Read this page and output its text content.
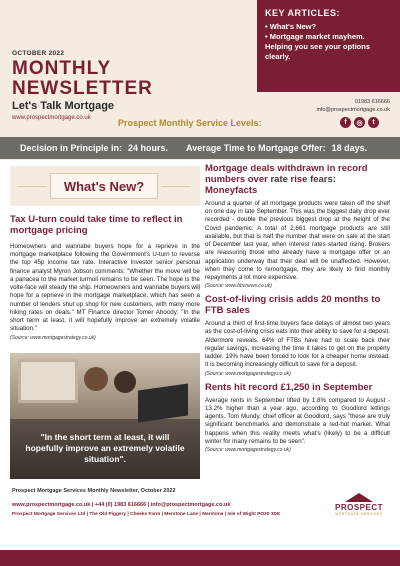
OCTOBER 2022
MONTHLY NEWSLETTER
Let's Talk Mortgage
www.prospectmortgage.co.uk
KEY ARTICLES:
• What's New?
• Mortgage market mayhem. Helping you see your options clearly.
01983 616666
info@prospectmortgage.co.uk
Prospect Monthly Service Levels:	f	◎	t
Decision in Principle in: 24 hours. Average Time to Mortgage Offer: 18 days.
What's New?
Tax U-turn could take time to reflect in mortgage pricing
Homeowners and wannabe buyers hope for a reprieve in the mortgage marketplace following the Government's U-turn to reverse the top 45p income tax rate. Interactive Investor senior personal finance analyst Myron Jobson comments: "Whether the move will be a panacea to the market turmoil remains to be seen. The hope is the volte-face will steady the ship. Homeowners and wannabe buyers will hope for a reprieve in the mortgage marketplace, which has seen a number of lenders shut up shop for new customers, with many more hiking rates on deals." MT Finance director Tomer Aboody: "In the short term at least, it will hopefully improve an extremely volatile situation."
(Source: www.mortgagestrategy.co.uk)
"In the short term at least, it will hopefully improve an extremely volatile situation".
Mortgage deals withdrawn in record numbers over rate rise fears: Moneyfacts
Around a quarter of all mortgage products were taken off the shelf on one day in late September. This was the biggest daily drop ever recorded - double the previous biggest drop at the height of the Covid pandemic. A total of 2,661 mortgage products are still available, but that is half the number that were on sale at the start of December last year, when interest rates started rising. Brokers are reassuring those who already have a mortgage offer or an application underway that their deal will be unaffected. However, when they come to remortgage, they are likely to find monthly repayments a lot more expensive.
(Source: www.bbcnews.co.uk)
Cost-of-living crisis adds 20 months to FTB sales
Around a third of first-time buyers face delays of almost two years as the cost-of-living crisis eats into their ability to save for a deposit. Aldermore reveals. 64% of FTBs have had to scale back their regular savings, increasing the time it takes to get on the property ladder. 19% have been forced to look for a cheaper home instead. It is becoming increasingly difficult to save for a deposit.
(Source: www.mortgagestrategy.co.uk)
Rents hit record £1,250 in September
Average rents in September lifted by 1.8% compared to August - 13.2% higher than a year ago, according to Goodlord lettings agents. Tom Mundy, chief officer at Goodlord, says "these are truly significant benchmarks and demonstrate a red-hot market. What happens when this reality meets what's (likely) to be a difficult winter for many remains to be seen".
(Source: www.mortgagestrategy.co.uk)
Prospect Mortgage Services Monthly Newsletter, October 2022
www.prospectmortgage.co.uk | +44 (0) 1983 616666 | info@prospectmortgage.co.uk
Prospect Mortgage Services Ltd | The Old Piggery | Cheeks Farm | Merstone Lane | Merstone | Isle of Wight PO30 3DE
PROSPECT
MORTGAGE SERVICES
